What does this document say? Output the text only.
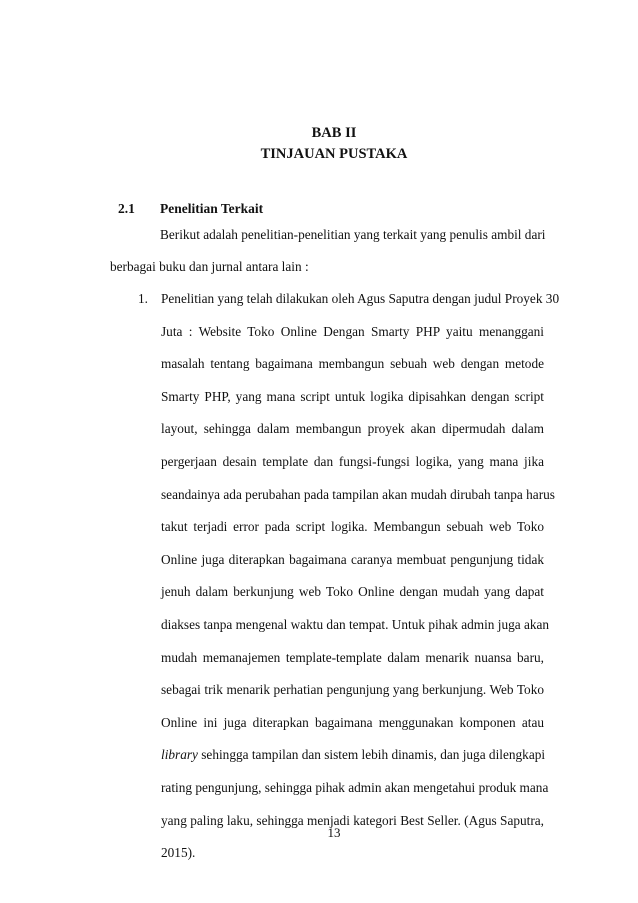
BAB II
TINJAUAN PUSTAKA
2.1 Penelitian Terkait
Berikut adalah penelitian-penelitian yang terkait yang penulis ambil dari
berbagai buku dan jurnal antara lain :
1. Penelitian yang telah dilakukan oleh Agus Saputra dengan judul Proyek 30
Juta : Website Toko Online Dengan Smarty PHP yaitu menanggani
masalah tentang bagaimana membangun sebuah web dengan metode
Smarty PHP, yang mana script untuk logika dipisahkan dengan script
layout, sehingga dalam membangun proyek akan dipermudah dalam
pergerjaan desain template dan fungsi-fungsi logika, yang mana jika
seandainya ada perubahan pada tampilan akan mudah dirubah tanpa harus
takut terjadi error pada script logika. Membangun sebuah web Toko
Online juga diterapkan bagaimana caranya membuat pengunjung tidak
jenuh dalam berkunjung web Toko Online dengan mudah yang dapat
diakses tanpa mengenal waktu dan tempat. Untuk pihak admin juga akan
mudah memanajemen template-template dalam menarik nuansa baru,
sebagai trik menarik perhatian pengunjung yang berkunjung. Web Toko
Online ini juga diterapkan bagaimana menggunakan komponen atau
library sehingga tampilan dan sistem lebih dinamis, dan juga dilengkapi
rating pengunjung, sehingga pihak admin akan mengetahui produk mana
yang paling laku, sehingga menjadi kategori Best Seller. (Agus Saputra,
2015).
13
